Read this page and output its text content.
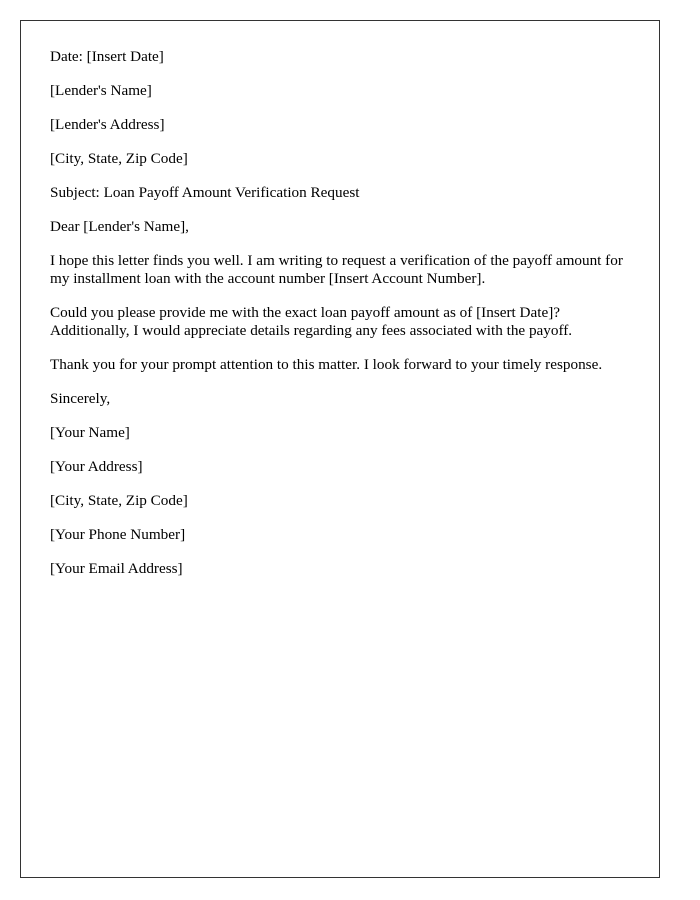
Date: [Insert Date]

[Lender's Name]

[Lender's Address]

[City, State, Zip Code]

Subject: Loan Payoff Amount Verification Request

Dear [Lender's Name],

I hope this letter finds you well. I am writing to request a verification of the payoff amount for my installment loan with the account number [Insert Account Number].

Could you please provide me with the exact loan payoff amount as of [Insert Date]? Additionally, I would appreciate details regarding any fees associated with the payoff.

Thank you for your prompt attention to this matter. I look forward to your timely response.

Sincerely,

[Your Name]

[Your Address]

[City, State, Zip Code]

[Your Phone Number]

[Your Email Address]
